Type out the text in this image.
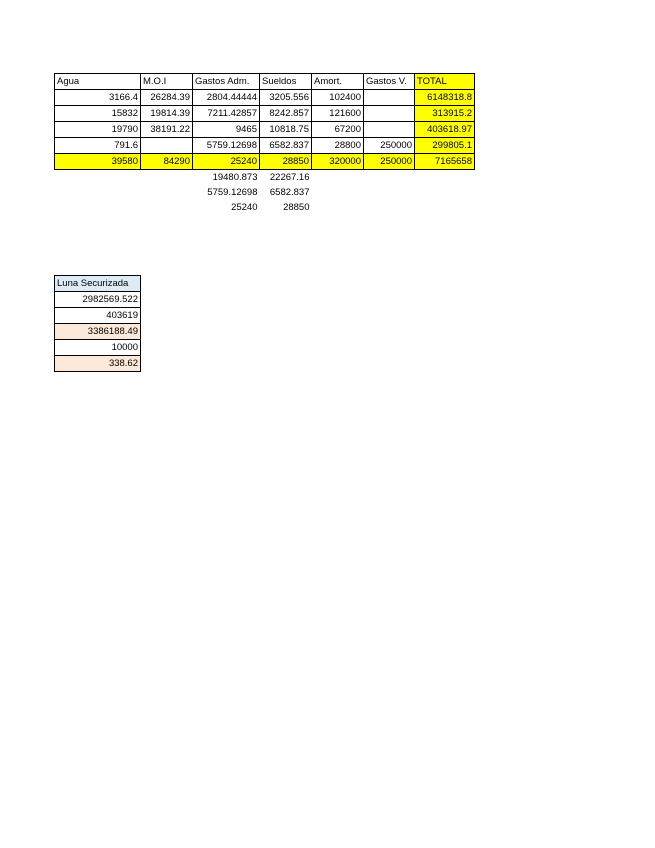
Agua	M.O.I	Gastos Adm.	Sueldos	Amort.	Gastos V.	TOTAL
3166.4	26284.39	2804.44444	3205.556	102400		6148318.8
15832	19814.39	7211.42857	8242.857	121600		313915.2
19790	38191.22	9465	10818.75	67200		403618.97
791.6		5759.12698	6582.837	28800	250000	299805.1
39580	84290	25240	28850	320000	250000	7165658
		19480.873	22267.16			
		5759.12698	6582.837			
		25240	28850			
Luna Securizada
2982569.522
403619
3386188.49
10000
338.62
